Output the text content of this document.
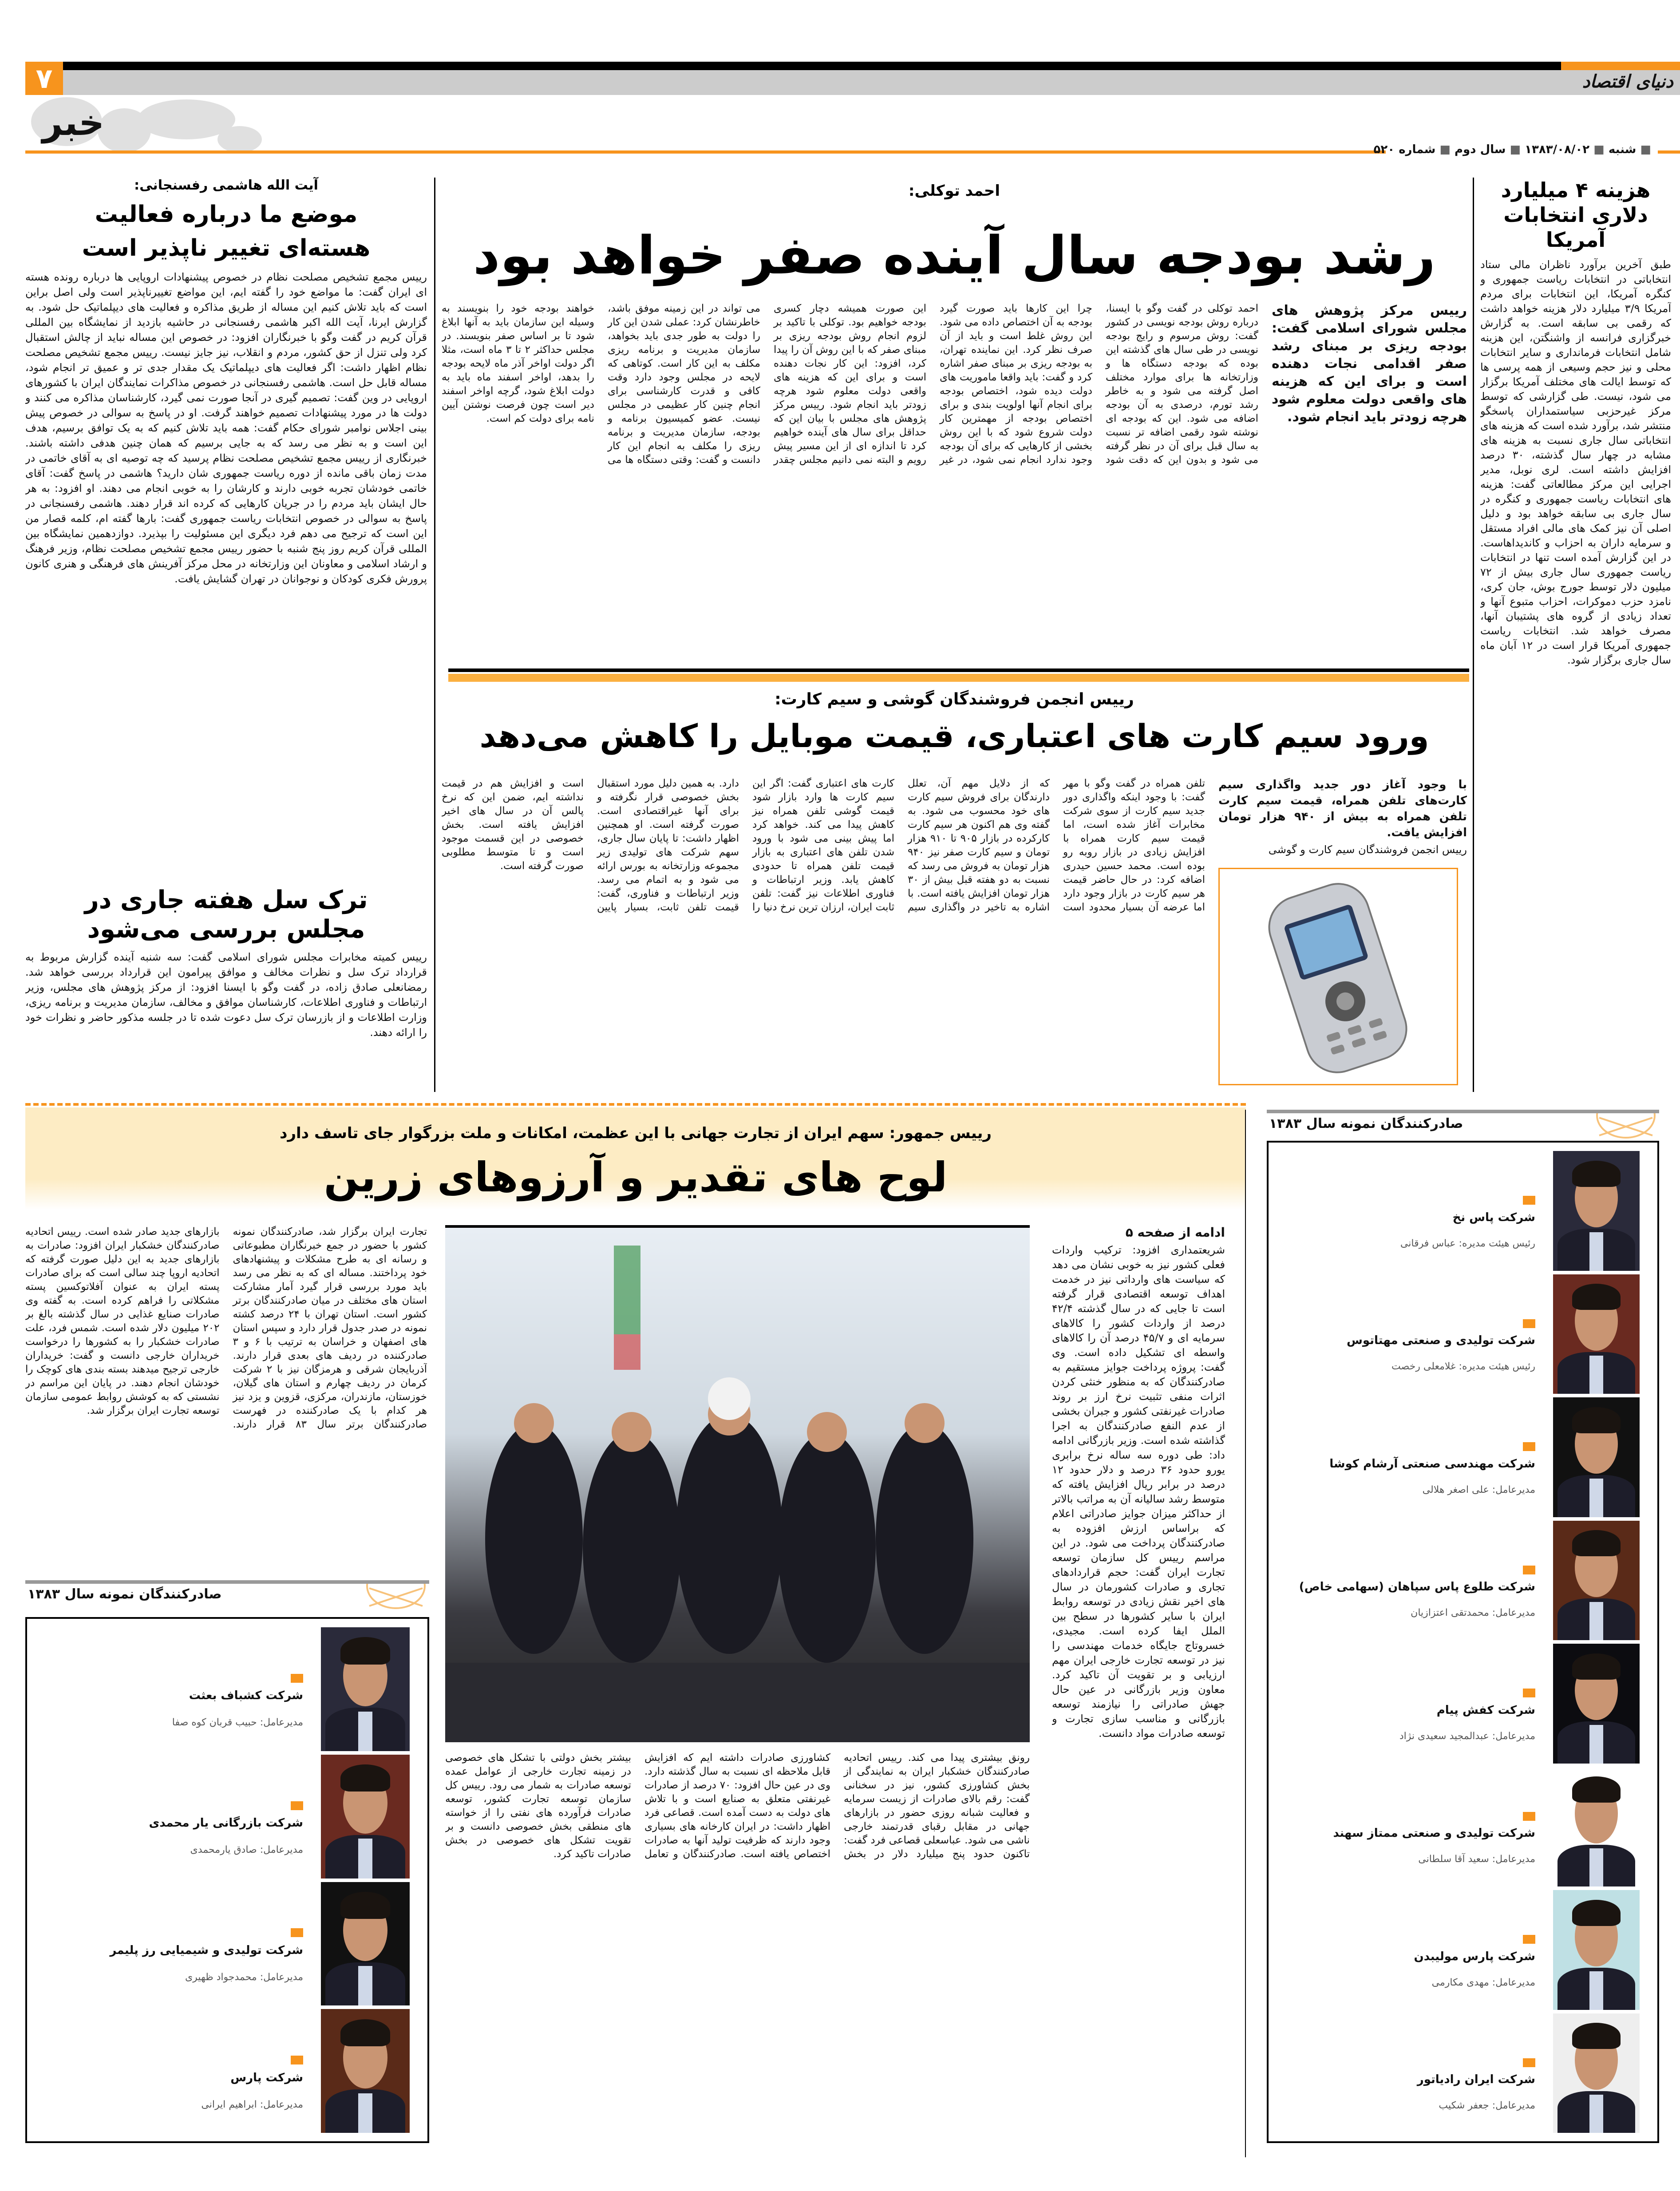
۷	دنیای اقتصاد
خبر
■ شنبه ■ ۱۳۸۳/۰۸/۰۲ ■ سال دوم ■ شماره ۵۲۰
هزینه ۴ میلیارد دلاری انتخابات آمریکا
طبق آخرین برآورد ناظران مالی ستاد انتخاباتی در انتخابات ریاست جمهوری و کنگره آمریکا، این انتخابات برای مردم آمریکا ۳/۹ میلیارد دلار هزینه خواهد داشت که رقمی بی سابقه است. به گزارش خبرگزاری فرانسه از واشنگتن، این هزینه شامل انتخابات فرمانداری و سایر انتخابات محلی و نیز حجم وسیعی از همه پرسی ها که توسط ایالت های مختلف آمریکا برگزار می شود، نیست. طی گزارشی که توسط مرکز غیرحزبی سیاستمداران پاسخگو منتشر شد، برآورد شده است که هزینه های انتخاباتی سال جاری نسبت به هزینه های مشابه در چهار سال گذشته، ۳۰ درصد افزایش داشته است. لری نوبل، مدیر اجرایی این مرکز مطالعاتی گفت: هزینه های انتخابات ریاست جمهوری و کنگره در سال جاری بی سابقه خواهد بود و دلیل اصلی آن نیز کمک های مالی افراد مستقل و سرمایه داران به احزاب و کاندیداهاست. در این گزارش آمده است تنها در انتخابات ریاست جمهوری سال جاری بیش از ۷۲ میلیون دلار توسط جورج بوش، جان کری، نامزد حزب دموکرات، احزاب متبوع آنها و تعداد زیادی از گروه های پشتیبان آنها، مصرف خواهد شد. انتخابات ریاست جمهوری آمریکا قرار است در ۱۲ آبان ماه سال جاری برگزار شود.
احمد توکلی:
رشد بودجه سال آینده صفر خواهد بود
رییس مرکز پژوهش های مجلس شورای اسلامی گفت: بودجه ریزی بر مبنای رشد صفر اقدامی نجات دهنده است و برای این که هزینه های واقعی دولت معلوم شود هرچه زودتر باید انجام شود.
احمد توکلی در گفت وگو با ایسنا، درباره روش بودجه نویسی در کشور گفت: روش مرسوم و رایج بودجه نویسی در طی سال های گذشته این بوده که بودجه دستگاه ها و وزارتخانه ها برای موارد مختلف اصل گرفته می شود و به خاطر رشد تورم، درصدی به آن بودجه اضافه می شود. این که بودجه ای نوشته شود رقمی اضافه تر نسبت به سال قبل برای آن در نظر گرفته می شود و بدون این که دقت شود چرا این کارها باید صورت گیرد بودجه به آن اختصاص داده می شود. این روش غلط است و باید از آن صرف نظر کرد. این نماینده تهران، به بودجه ریزی بر مبنای صفر اشاره کرد و گفت: باید واقعا ماموریت های دولت دیده شود، اختصاص بودجه برای انجام آنها اولویت بندی و برای اختصاص بودجه از مهمترین کار دولت شروع شود که با این روش بخشی از کارهایی که برای آن بودجه وجود ندارد انجام نمی شود، در غیر این صورت همیشه دچار کسری بودجه خواهیم بود. توکلی با تاکید بر لزوم انجام روش بودجه ریزی بر مبنای صفر که با این روش آن را پیدا کرد، افزود: این کار نجات دهنده است و برای این که هزینه های واقعی دولت معلوم شود هرچه زودتر باید انجام شود. رییس مرکز پژوهش های مجلس با بیان این که حداقل برای سال های آینده خواهیم کرد تا اندازه ای از این مسیر پیش رویم و البته نمی دانیم مجلس چقدر می تواند در این زمینه موفق باشد، خاطرنشان کرد: عملی شدن این کار را دولت به طور جدی باید بخواهد، سازمان مدیریت و برنامه ریزی مکلف به این کار است. کوتاهی که لایحه در مجلس وجود دارد وقت کافی و قدرت کارشناسی برای انجام چنین کار عظیمی در مجلس نیست. عضو کمیسیون برنامه و بودجه، سازمان مدیریت و برنامه ریزی را مکلف به انجام این کار دانست و گفت: وقتی دستگاه ها می خواهند بودجه خود را بنویسند به وسیله این سازمان باید به آنها ابلاغ شود تا بر اساس صفر بنویسند. در مجلس حداکثر ۲ تا ۳ ماه است، مثلا اگر دولت اواخر آذر ماه لایحه بودجه را بدهد، اواخر اسفند ماه باید به دولت ابلاغ شود، گرچه اواخر اسفند دیر است چون فرصت نوشتن آیین نامه برای دولت کم است.
رییس انجمن فروشندگان گوشی و سیم کارت:
ورود سیم کارت های اعتباری، قیمت موبایل را کاهش می‌دهد
با وجود آغاز دور جدید واگذاری سیم کارت‌های تلفن همراه، قیمت سیم کارت تلفن همراه به بیش از ۹۴۰ هزار تومان افزایش یافت.
رییس انجمن فروشندگان سیم کارت و گوشی
تلفن همراه در گفت وگو با مهر گفت: با وجود اینکه واگذاری دور جدید سیم کارت از سوی شرکت مخابرات آغاز شده است، اما قیمت سیم کارت همراه با افزایش زیادی در بازار روبه رو بوده است. محمد حسین حیدری اضافه کرد: در حال حاضر قیمت هر سیم کارت در بازار وجود دارد اما عرضه آن بسیار محدود است که از دلایل مهم آن، تعلل دارندگان برای فروش سیم کارت های خود محسوب می شود. به گفته وی هم اکنون هر سیم کارت کارکرده در بازار ۹۰۵ تا ۹۱۰ هزار تومان و سیم کارت صفر نیز ۹۴۰ هزار تومان به فروش می رسد که نسبت به دو هفته قبل بیش از ۳۰ هزار تومان افزایش یافته است. با اشاره به تاخیر در واگذاری سیم کارت های اعتباری گفت: اگر این سیم کارت ها وارد بازار شود قیمت گوشی تلفن همراه نیز کاهش پیدا می کند. خواهد کرد اما پیش بینی می شود با ورود شدن تلفن های اعتباری به بازار قیمت تلفن همراه تا حدودی کاهش یابد. وزیر ارتباطات و فناوری اطلاعات نیز گفت: تلفن ثابت ایران، ارزان ترین نرخ دنیا را دارد. به همین دلیل مورد استقبال بخش خصوصی قرار نگرفته و برای آنها غیراقتصادی است. صورت گرفته است. او همچنین اظهار داشت: تا پایان سال جاری، سهم شرکت های تولیدی زیر مجموعه وزارتخانه به بورس ارائه می شود و به اتمام می رسد. وزیر ارتباطات و فناوری، گفت: قیمت تلفن ثابت، بسیار پایین است و افزایش هم در قیمت نداشته ایم، ضمن این که نرخ پالس آن در سال های اخیر افزایش یافته است. بخش خصوصی در این قسمت موجود است و تا متوسط مطلوبی صورت گرفته است.
آیت الله هاشمی رفسنجانی:
موضع ما درباره فعالیت هسته‌ای تغییر ناپذیر است
رییس مجمع تشخیص مصلحت نظام در خصوص پیشنهادات اروپایی ها درباره رونده هسته ای ایران گفت: ما مواضع خود را گفته ایم، این مواضع تغییرناپذیر است ولی اصل براین است که باید تلاش کنیم این مساله از طریق مذاکره و فعالیت های دیپلماتیک حل شود. به گزارش ایرنا، آیت الله اکبر هاشمی رفسنجانی در حاشیه بازدید از نمایشگاه بین المللی قرآن کریم در گفت وگو با خبرنگاران افزود: در خصوص این مساله نباید از چالش استقبال کرد ولی تنزل از حق کشور، مردم و انقلاب، نیز جایز نیست. رییس مجمع تشخیص مصلحت نظام اظهار داشت: اگر فعالیت های دیپلماتیک یک مقدار جدی تر و عمیق تر انجام شود، مساله قابل حل است. هاشمی رفسنجانی در خصوص مذاکرات نمایندگان ایران با کشورهای اروپایی در وین گفت: تصمیم گیری در آنجا صورت نمی گیرد، کارشناسان مذاکره می کنند و دولت ها در مورد پیشنهادات تصمیم خواهند گرفت. او در پاسخ به سوالی در خصوص پیش بینی اجلاس نوامبر شورای حکام گفت: همه باید تلاش کنیم که به یک توافق برسیم، هدف این است و به نظر می رسد که به جایی برسیم که همان چنین هدفی داشته باشند. خبرنگاری از رییس مجمع تشخیص مصلحت نظام پرسید که چه توصیه ای به آقای خاتمی در مدت زمان باقی مانده از دوره ریاست جمهوری شان دارید؟ هاشمی در پاسخ گفت: آقای خاتمی خودشان تجربه خوبی دارند و کارشان را به خوبی انجام می دهند. او افزود: به هر حال ایشان باید مردم را در جریان کارهایی که کرده اند قرار دهند. هاشمی رفسنجانی در پاسخ به سوالی در خصوص انتخابات ریاست جمهوری گفت: بارها گفته ام، کلمه قصار من این است که ترجیح می دهم فرد دیگری این مسئولیت را بپذیرد. دوازدهمین نمایشگاه بین المللی قرآن کریم روز پنج شنبه با حضور رییس مجمع تشخیص مصلحت نظام، وزیر فرهنگ و ارشاد اسلامی و معاونان این وزارتخانه در محل مرکز آفرینش های فرهنگی و هنری کانون پرورش فکری کودکان و نوجوانان در تهران گشایش یافت.
ترک سل هفته جاری در مجلس بررسی می‌شود
رییس کمیته مخابرات مجلس شورای اسلامی گفت: سه شنبه آینده گزارش مربوط به قرارداد ترک سل و نظرات مخالف و موافق پیرامون این قرارداد بررسی خواهد شد. رمضانعلی صادق زاده، در گفت وگو با ایسنا افزود: از مرکز پژوهش های مجلس، وزیر ارتباطات و فناوری اطلاعات، کارشناسان موافق و مخالف، سازمان مدیریت و برنامه ریزی، وزارت اطلاعات و از بازرسان ترک سل دعوت شده تا در جلسه مذکور حاضر و نظرات خود را ارائه دهند.
رییس جمهور: سهم ایران از تجارت جهانی با این عظمت، امکانات و ملت بزرگوار جای تاسف دارد
لوح های تقدیر و آرزوهای زرین
ادامه از صفحه ۵
شریعتمداری افزود: ترکیب واردات فعلی کشور نیز به خوبی نشان می دهد که سیاست های وارداتی نیز در خدمت اهداف توسعه اقتصادی قرار گرفته است تا جایی که در سال گذشته ۴۲/۴ درصد از واردات کشور را کالاهای سرمایه ای و ۴۵/۷ درصد آن را کالاهای واسطه ای تشکیل داده است. وی گفت: پروژه پرداخت جوایز مستقیم به صادرکنندگان که به منظور خنثی کردن اثرات منفی تثبیت نرخ ارز بر روند صادرات غیرنفتی کشور و جبران بخشی از عدم النفع صادرکنندگان به اجرا گذاشته شده است. وزیر بازرگانی ادامه داد: طی دوره سه ساله نرخ برابری یورو حدود ۳۶ درصد و دلار حدود ۱۲ درصد در برابر ریال افزایش یافته که متوسط رشد سالیانه آن به مراتب بالاتر از حداکثر میزان جوایز صادراتی اعلام که براساس ارزش افزوده به صادرکنندگان پرداخت می شود. در این مراسم رییس کل سازمان توسعه تجارت ایران گفت: حجم قراردادهای تجاری و صادرات کشورمان در سال های اخیر نقش زیادی در توسعه روابط ایران با سایر کشورها در سطح بین الملل ایفا کرده است. مجیدی، خسروتاج جایگاه خدمات مهندسی را نیز در توسعه تجارت خارجی ایران مهم ارزیابی و بر تقویت آن تاکید کرد. معاون وزیر بازرگانی در عین حال جهش صادراتی را نیازمند توسعه بازرگانی و مناسب سازی تجارت و توسعه صادرات مواد دانست.
رونق بیشتری پیدا می کند. رییس اتحادیه صادرکنندگان خشکبار ایران به نمایندگی از بخش کشاورزی کشور، نیز در سخنانی گفت: رقم بالای صادرات از زیست سرمایه و فعالیت شبانه روزی حضور در بازارهای جهانی در مقابل رقبای قدرتمند خارجی ناشی می شود. عباسعلی قصاعی فرد گفت: تاکنون حدود پنج میلیارد دلار در بخش کشاورزی صادرات داشته ایم که افزایش قابل ملاحظه ای نسبت به سال گذشته دارد. وی در عین حال افزود: ۷۰ درصد از صادرات غیرنفتی متعلق به صنایع است و با تلاش های دولت به دست آمده است. قصاعی فرد اظهار داشت: در ایران کارخانه های بسیاری وجود دارند که ظرفیت تولید آنها به صادرات اختصاص یافته است. صادرکنندگان و تعامل بیشتر بخش دولتی با تشکل های خصوصی در زمینه تجارت خارجی از عوامل عمده توسعه صادرات به شمار می رود. رییس کل سازمان توسعه تجارت کشور، توسعه صادرات فرآورده های نفتی را از خواسته های منطقی بخش خصوصی دانست و بر تقویت تشکل های خصوصی در بخش صادرات تاکید کرد.
تجارت ایران برگزار شد، صادرکنندگان نمونه کشور با حضور در جمع خبرنگاران مطبوعاتی و رسانه ای به طرح مشکلات و پیشنهادهای خود پرداختند. مساله ای که به نظر می رسد باید مورد بررسی قرار گیرد آمار مشارکت استان های مختلف در میان صادرکنندگان برتر کشور است. استان تهران با ۲۴ درصد کشته نمونه در صدر جدول قرار دارد و سپس استان های اصفهان و خراسان به ترتیب با ۶ و ۳ صادرکننده در ردیف های بعدی قرار دارند. آذربایجان شرقی و هرمزگان نیز با ۲ شرکت کرمان در ردیف چهارم و استان های گیلان، خوزستان، مازندران، مرکزی، قزوین و یزد نیز هر کدام با یک صادرکننده در فهرست صادرکنندگان برتر سال ۸۳ قرار دارند. بازارهای جدید صادر شده است. رییس اتحادیه صادرکنندگان خشکبار ایران افزود: صادرات به بازارهای جدید به این دلیل صورت گرفته که اتحادیه اروپا چند سالی است که برای صادرات پسته ایران به عنوان آفلاتوکسین پسته مشکلاتی را فراهم کرده است. به گفته وی صادرات صنایع غذایی در سال گذشته بالغ بر ۲۰۲ میلیون دلار شده است. شمس فرد، علت صادرات خشکبار را به کشورها را درخواست خریداران خارجی دانست و گفت: خریداران خارجی ترجیح میدهند بسته بندی های کوچک را خودشان انجام دهند. در پایان این مراسم در نشستی که به کوشش روابط عمومی سازمان توسعه تجارت ایران برگزار شد.
صادرکنندگان نمونه سال ۱۳۸۳
شرکت کشباف بعثت
مدیرعامل: حبیب قربان کوه صفا
شرکت بازرگانی یار محمدی
مدیرعامل: صادق یارمحمدی
شرکت تولیدی و شیمیایی رز پلیمر
مدیرعامل: محمدجواد ظهیری
شرکت پارس
مدیرعامل: ابراهیم ایرانی
صادرکنندگان نمونه سال ۱۳۸۳
شرکت پاس نخ
رئیس هیئت مدیره: عباس فرقانی
شرکت تولیدی و صنعتی مهتاتوس
رئیس هیئت مدیره: غلامعلی رخصت
شرکت مهندسی صنعتی آرشام کوشا
مدیرعامل: علی اصغر هلالی
شرکت طلوع پاس سپاهان (سهامی خاص)
مدیرعامل: محمدتقی اعتزازیان
شرکت کفش پیام
مدیرعامل: عبدالمجید سعیدی نژاد
شرکت تولیدی و صنعتی ممتاز سهند
مدیرعامل: سعید آقا سلطانی
شرکت پارس مولیبدن
مدیرعامل: مهدی مکارمی
شرکت ایران رادیاتور
مدیرعامل: جعفر شکیب
